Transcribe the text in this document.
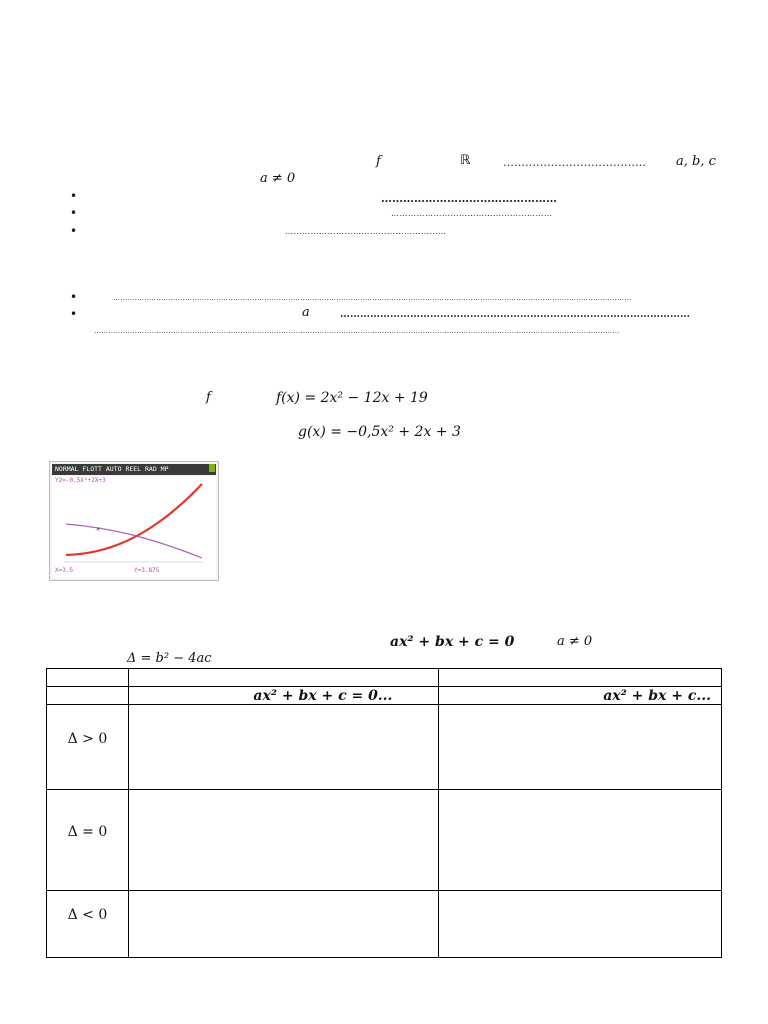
f	ℝ	………………………………… a, b, c
a ≠ 0
•	…………………………………………
•	…………………………………………………
•	…………………………………………………
•	………………………………………………………………………………………………………………………………………………………………………………………………
•	a	……………………………………………………………………………………………
…………………………………………………………………………………………………………………………………………………………………………………………………
f	f(x) = 2x² − 12x + 19
g(x) = −0,5x² + 2x + 3
NORMAL FLOTT AUTO REEL RAD MP
Y2=-0.5X²+2X+3
✕
X=3.5	Y=3.875
ax² + bx + c = 0	a ≠ 0
Δ = b² − 4ac

	ax² + bx + c = 0...	ax² + bx + c...
Δ > 0		
Δ = 0		
Δ < 0		
